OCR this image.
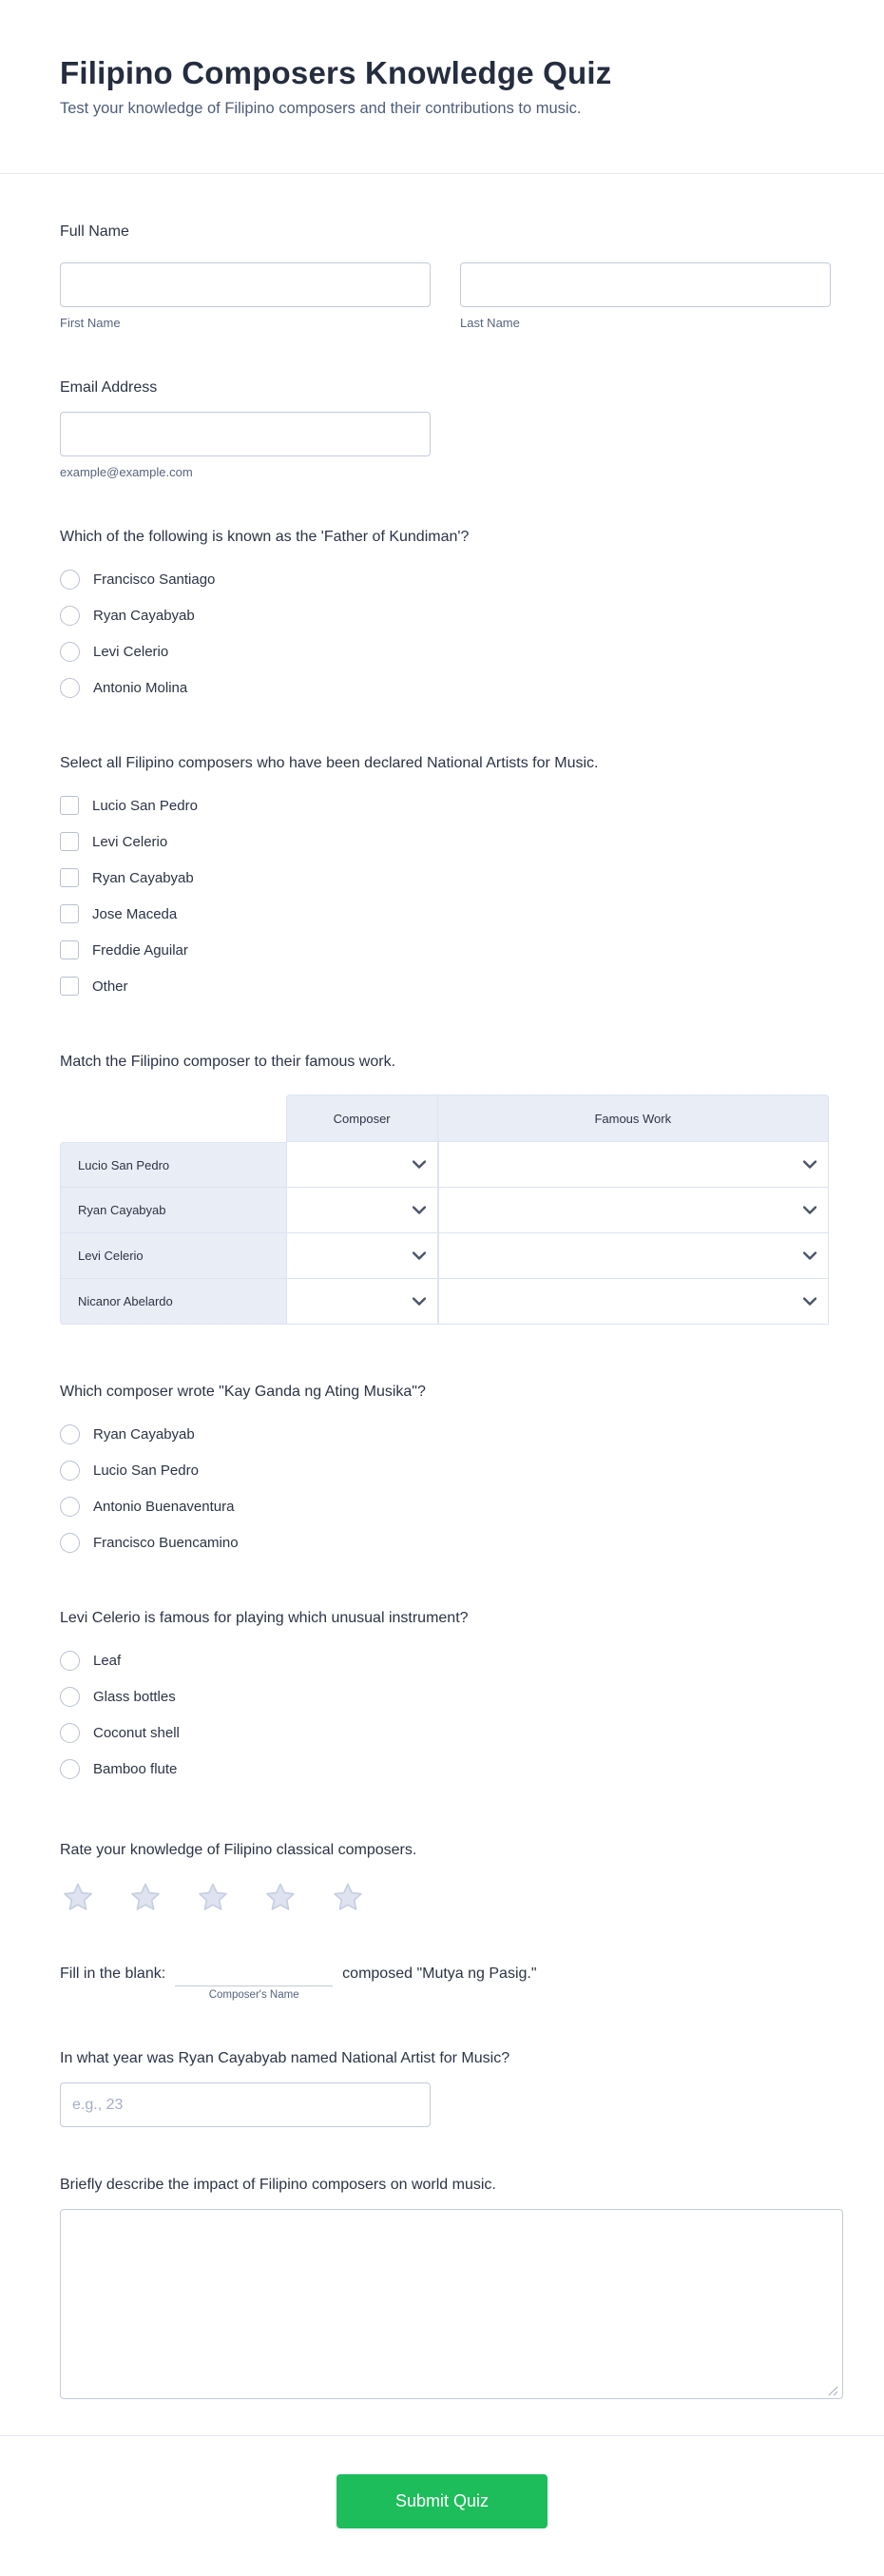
Filipino Composers Knowledge Quiz
Test your knowledge of Filipino composers and their contributions to music.
Full Name
First Name	Last Name
Email Address
example@example.com
Which of the following is known as the 'Father of Kundiman'?
Francisco Santiago
Ryan Cayabyab
Levi Celerio
Antonio Molina
Select all Filipino composers who have been declared National Artists for Music.
Lucio San Pedro
Levi Celerio
Ryan Cayabyab
Jose Maceda
Freddie Aguilar
Other
Match the Filipino composer to their famous work.
	Composer	Famous Work
Lucio San Pedro	

Ryan Cayabyab	

Levi Celerio	

Nicanor Abelardo	

Which composer wrote "Kay Ganda ng Ating Musika"?
Ryan Cayabyab
Lucio San Pedro
Antonio Buenaventura
Francisco Buencamino
Levi Celerio is famous for playing which unusual instrument?
Leaf
Glass bottles
Coconut shell
Bamboo flute
Rate your knowledge of Filipino classical composers.
Fill in the blank:
Composer's Name
composed "Mutya ng Pasig."
In what year was Ryan Cayabyab named National Artist for Music?
e.g., 23
Briefly describe the impact of Filipino composers on world music.
Submit Quiz
